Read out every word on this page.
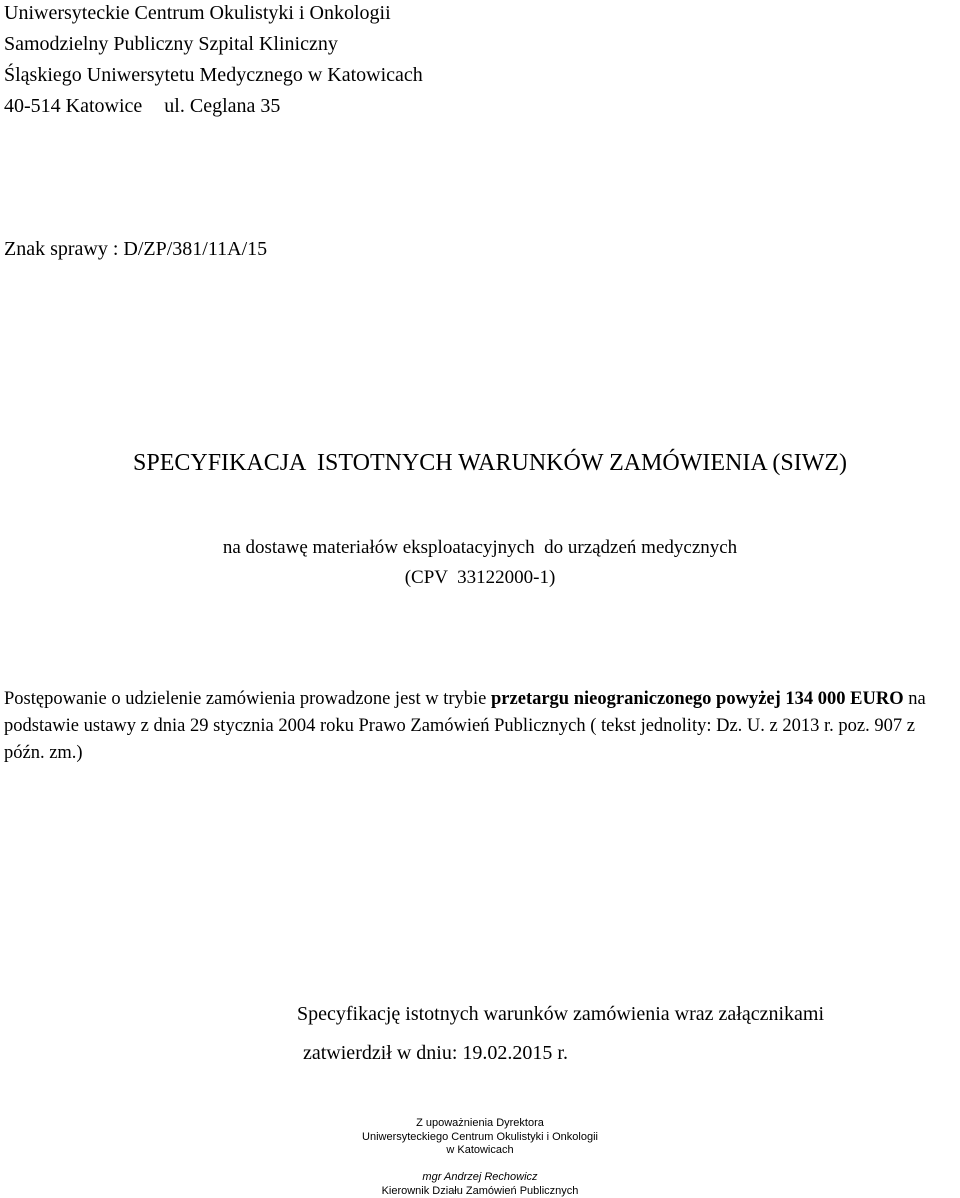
Uniwersyteckie Centrum Okulistyki i Onkologii
Samodzielny Publiczny Szpital Kliniczny
Śląskiego Uniwersytetu Medycznego w Katowicach
40-514 Katowice ul. Ceglana 35
Znak sprawy : D/ZP/381/11A/15
SPECYFIKACJA  ISTOTNYCH WARUNKÓW ZAMÓWIENIA (SIWZ)
na dostawę materiałów eksploatacyjnych  do urządzeń medycznych
(CPV  33122000-1)
Postępowanie o udzielenie zamówienia prowadzone jest w trybie przetargu nieograniczonego powyżej 134 000 EURO na podstawie ustawy z dnia 29 stycznia 2004 roku Prawo Zamówień Publicznych ( tekst jednolity: Dz. U. z 2013 r. poz. 907 z późn. zm.)
Specyfikację istotnych warunków zamówienia wraz załącznikami
zatwierdził w dniu: 19.02.2015 r.
Z upoważnienia Dyrektora
Uniwersyteckiego Centrum Okulistyki i Onkologii
w Katowicach
mgr Andrzej Rechowicz
Kierownik Działu Zamówień Publicznych
